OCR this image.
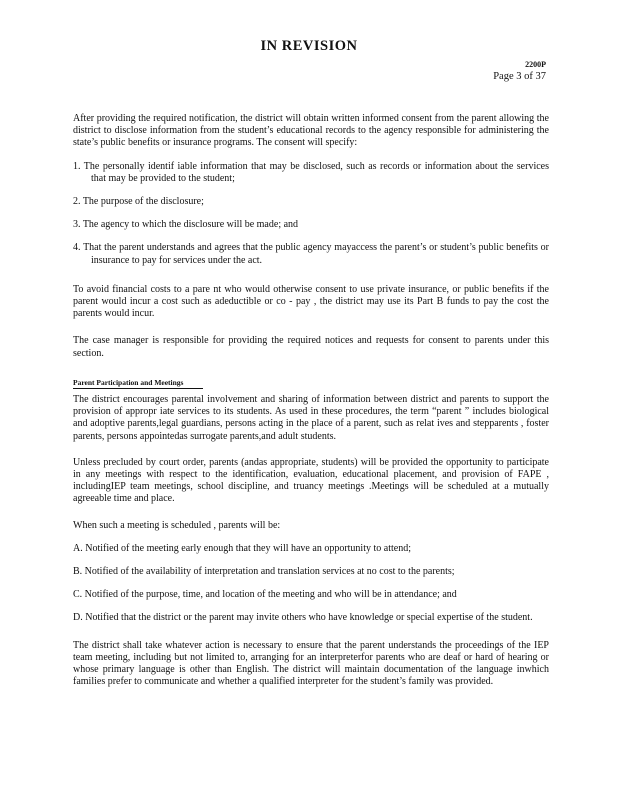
IN REVISION
2200P
Page 3 of 37

After providing the required notification, the district will obtain written informed consent from the parent allowing the district to disclose information from the student’s educational records to the agency responsible for administering the state’s public benefits or insurance programs. The consent will specify:

1. The personally identif iable information that may be disclosed, such as records or information about the services that may be provided to the student;

2. The purpose of the disclosure;

3. The agency to which the disclosure will be made; and

4. That the parent understands and agrees that the public agency mayaccess the parent’s or student’s public benefits or insurance to pay for services under the act.

To avoid financial costs to a pare nt who would otherwise consent to use private insurance, or public benefits if the parent would incur a cost such as adeductible or co - pay , the district may use its Part B funds to pay the cost the parents would incur.

The case manager is responsible for providing the required notices and requests for consent to parents under this section.

Parent Participation and Meetings

The district encourages parental involvement and sharing of information between district and parents to support the provision of appropr iate services to its students. As used in these procedures, the term “parent ” includes biological and adoptive parents,legal guardians, persons acting in the place of a parent, such as relat ives and stepparents , foster parents, persons appointedas surrogate parents,and adult students.

Unless precluded by court order, parents (andas appropriate, students) will be provided the opportunity to participate in any meetings with respect to the identification, evaluation, educational placement, and provision of FAPE , includingIEP team meetings, school discipline, and truancy meetings .Meetings will be scheduled at a mutually agreeable time and place.

When such a meeting is scheduled , parents will be:

A. Notified of the meeting early enough that they will have an opportunity to attend;

B. Notified of the availability of interpretation and translation services at no cost to the parents;

C. Notified of the purpose, time, and location of the meeting and who will be in attendance; and

D. Notified that the district or the parent may invite others who have knowledge or special expertise of the student.

The district shall take whatever action is necessary to ensure that the parent understands the proceedings of the IEP team meeting, including but not limited to, arranging for an interpreterfor parents who are deaf or hard of hearing or whose primary language is other than English. The district will maintain documentation of the language inwhich families prefer to communicate and whether a qualified interpreter for the student’s family was provided.
